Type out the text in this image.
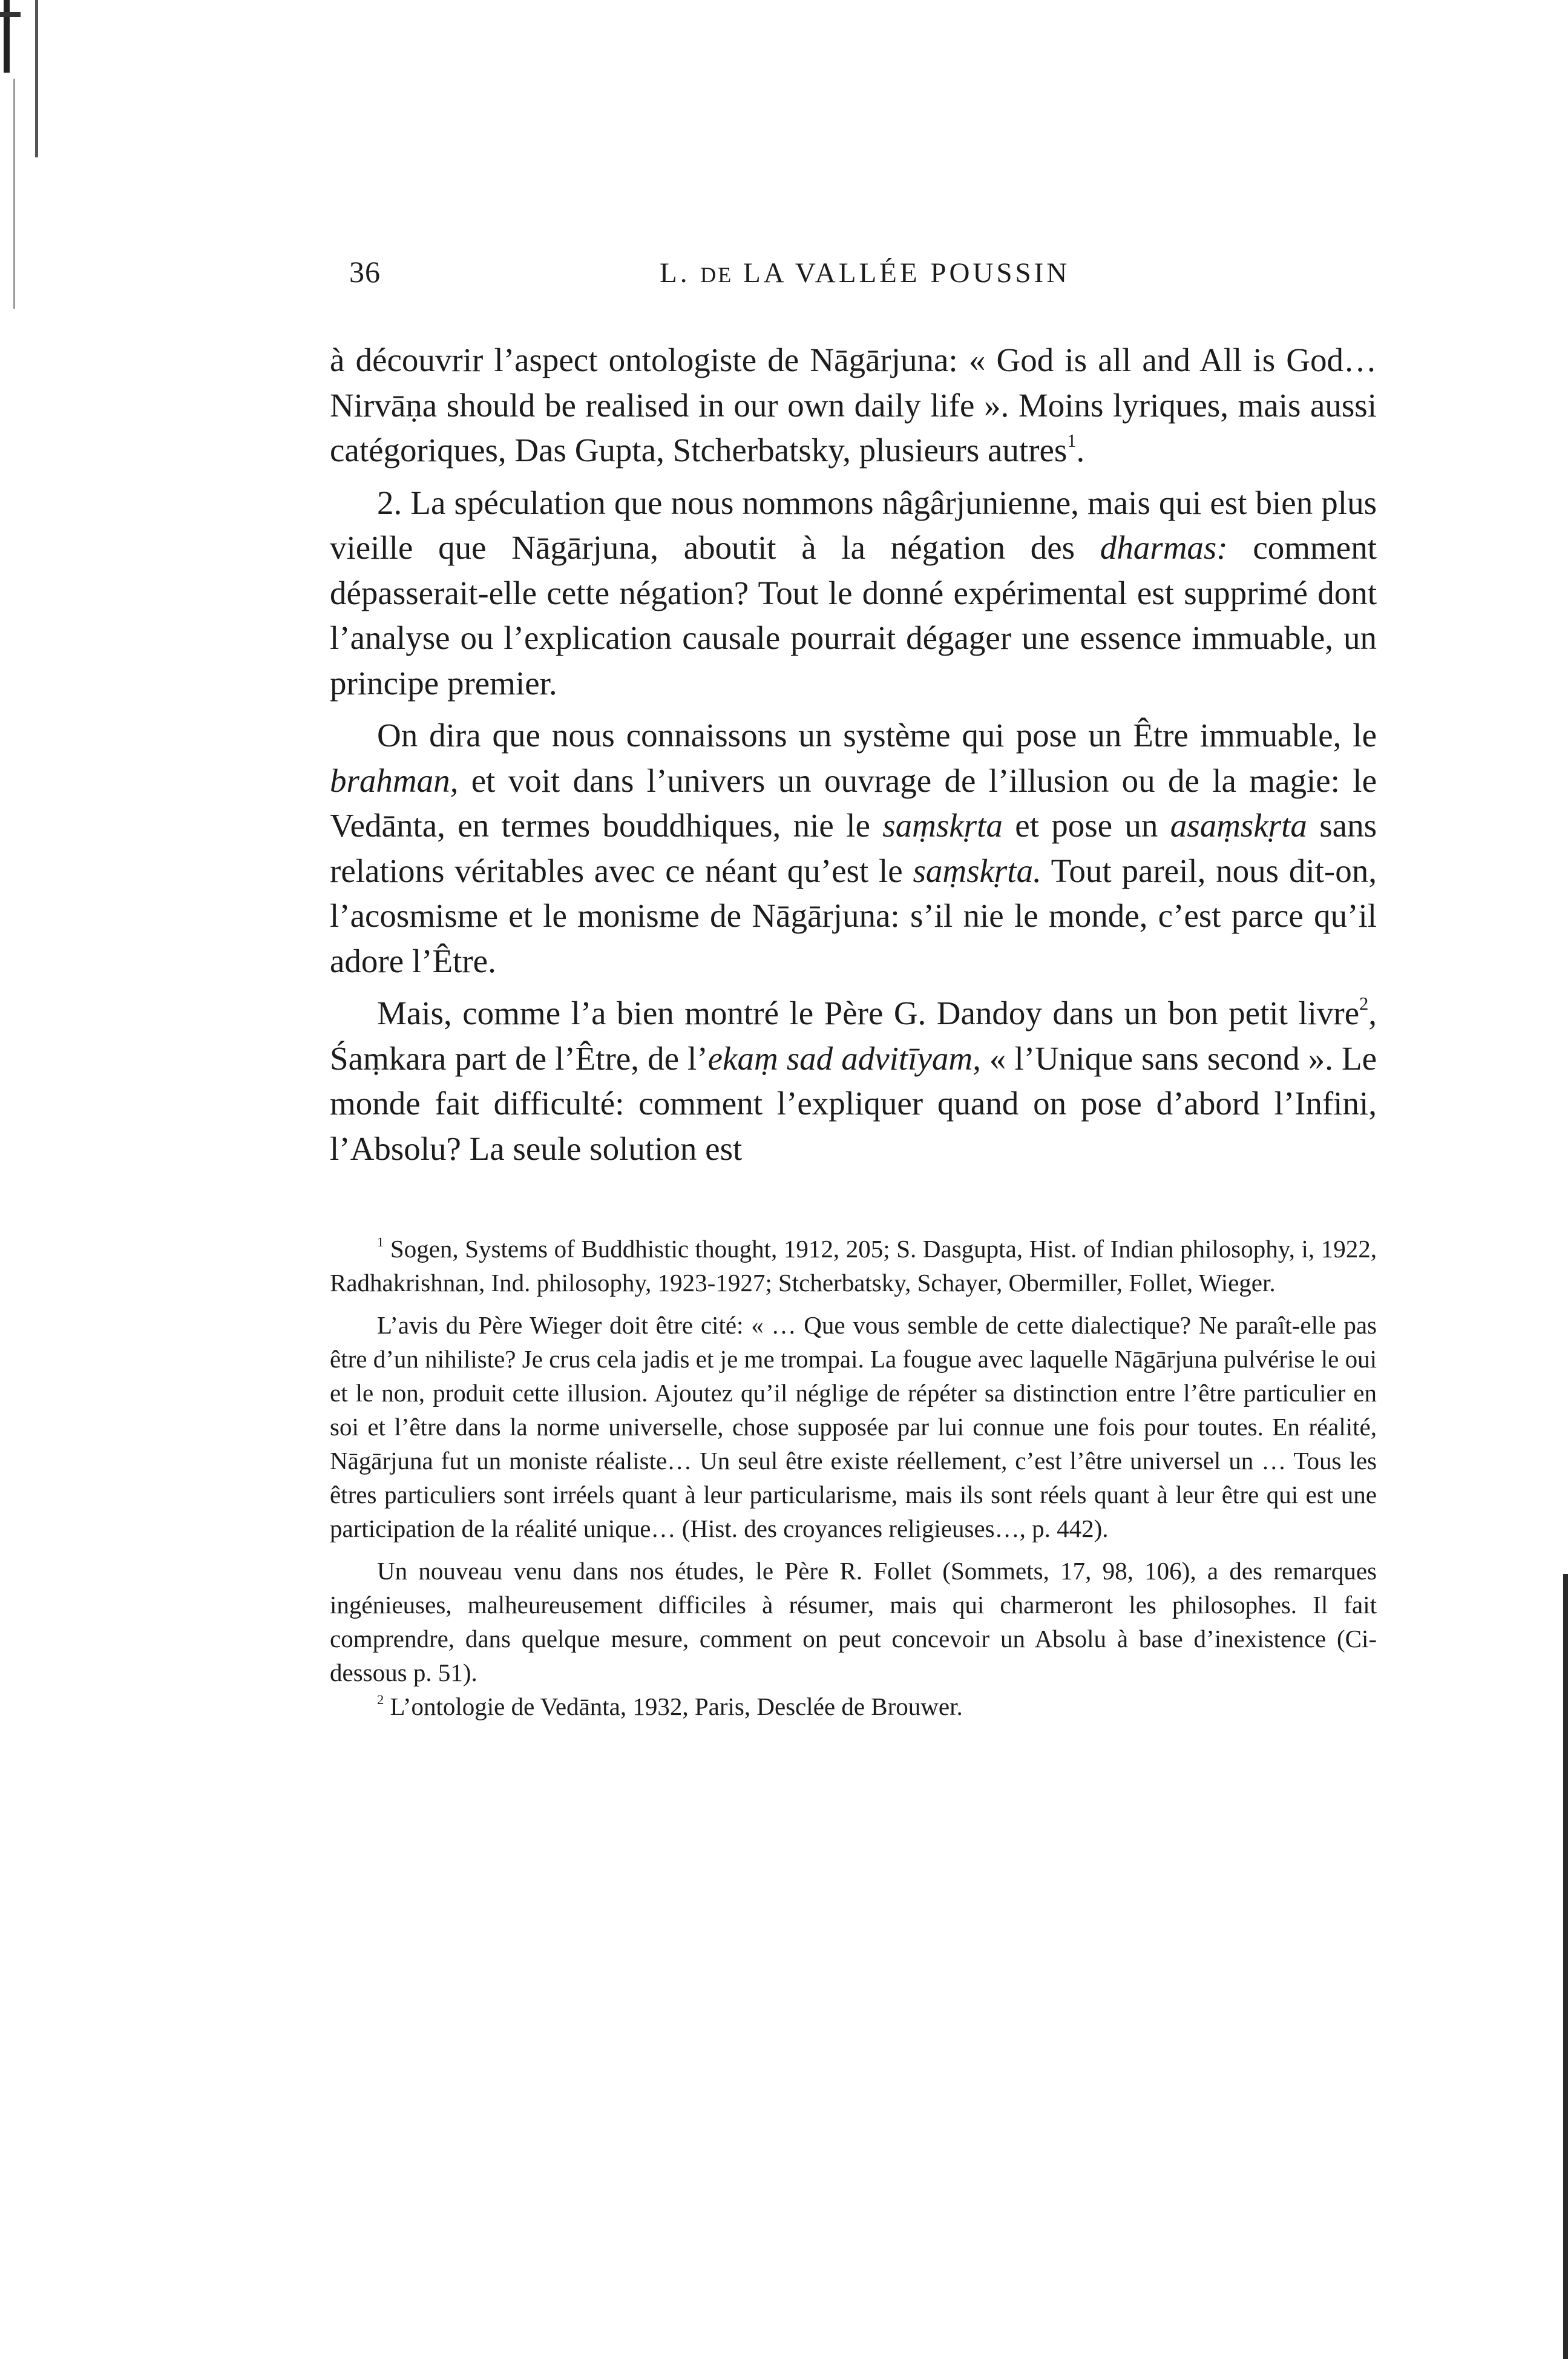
36	L. DE LA VALLÉE POUSSIN

à découvrir l’aspect ontologiste de Nāgārjuna: « God is all and All is God… Nirvāṇa should be realised in our own daily life ». Moins lyriques, mais aussi catégoriques, Das Gupta, Stcherbatsky, plusieurs autres$^1$.

2. La spéculation que nous nommons nâgârjunienne, mais qui est bien plus vieille que Nāgārjuna, aboutit à la négation des dharmas: comment dépasserait-elle cette négation? Tout le donné expérimental est supprimé dont l’analyse ou l’explication causale pourrait dégager une essence immuable, un principe premier.

On dira que nous connaissons un système qui pose un Être immuable, le brahman, et voit dans l’univers un ouvrage de l’illusion ou de la magie: le Vedānta, en termes bouddhiques, nie le saṃskṛta et pose un asaṃskṛta sans relations véritables avec ce néant qu’est le saṃskṛta. Tout pareil, nous dit-on, l’acosmisme et le monisme de Nāgārjuna: s’il nie le monde, c’est parce qu’il adore l’Être.

Mais, comme l’a bien montré le Père G. Dandoy dans un bon petit livre$^2$, Śaṃkara part de l’Être, de l’ekaṃ sad advitīyam, « l’Unique sans second ». Le monde fait difficulté: comment l’expliquer quand on pose d’abord l’Infini, l’Absolu? La seule solution est

$^1$ Sogen, Systems of Buddhistic thought, 1912, 205; S. Dasgupta, Hist. of Indian philosophy, i, 1922, Radhakrishnan, Ind. philosophy, 1923-1927; Stcherbatsky, Schayer, Obermiller, Follet, Wieger.

L’avis du Père Wieger doit être cité: « … Que vous semble de cette dialectique? Ne paraît-elle pas être d’un nihiliste? Je crus cela jadis et je me trompai. La fougue avec laquelle Nāgārjuna pulvérise le oui et le non, produit cette illusion. Ajoutez qu’il néglige de répéter sa distinction entre l’être particulier en soi et l’être dans la norme universelle, chose supposée par lui connue une fois pour toutes. En réalité, Nāgārjuna fut un moniste réaliste… Un seul être existe réellement, c’est l’être universel un … Tous les êtres particuliers sont irréels quant à leur particularisme, mais ils sont réels quant à leur être qui est une participation de la réalité unique… (Hist. des croyances religieuses…, p. 442).

Un nouveau venu dans nos études, le Père R. Follet (Sommets, 17, 98, 106), a des remarques ingénieuses, malheureusement difficiles à résumer, mais qui charmeront les philosophes. Il fait comprendre, dans quelque mesure, comment on peut concevoir un Absolu à base d’inexistence (Ci-dessous p. 51).

$^2$ L’ontologie de Vedānta, 1932, Paris, Desclée de Brouwer.
